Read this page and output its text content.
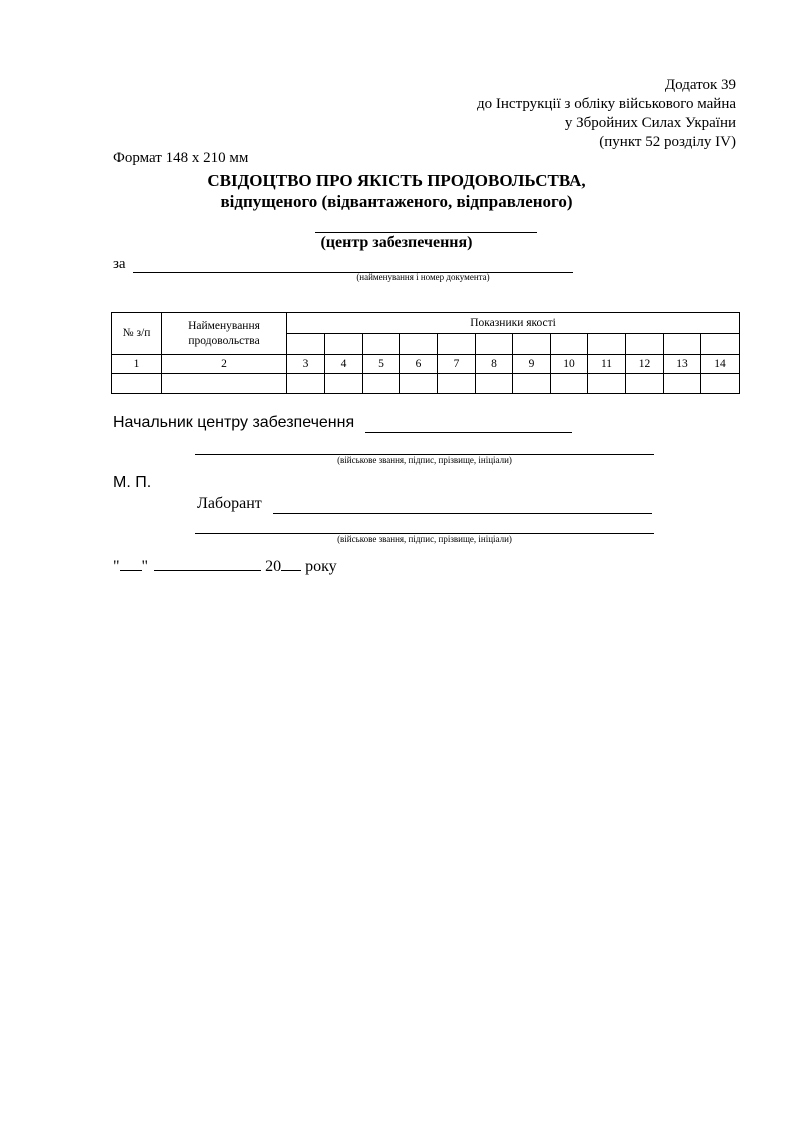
Додаток 39
до Інструкції з обліку військового майна
у Збройних Силах України
(пункт 52 розділу IV)
Формат 148 х 210 мм
СВІДОЦТВО ПРО ЯКІСТЬ ПРОДОВОЛЬСТВА,
відпущеного (відвантаженого, відправленого)
(центр забезпечення)
за
(найменування і номер документа)
№ з/п	Найменування продовольства	Показники якості											

1	2	3	4	5	6	7	8	9	10	11	12	13	14

Начальник центру забезпечення
(військове звання, підпис, прізвище, ініціали)
М. П.
Лаборант
(військове звання, підпис, прізвище, ініціали)
" "	20 року
